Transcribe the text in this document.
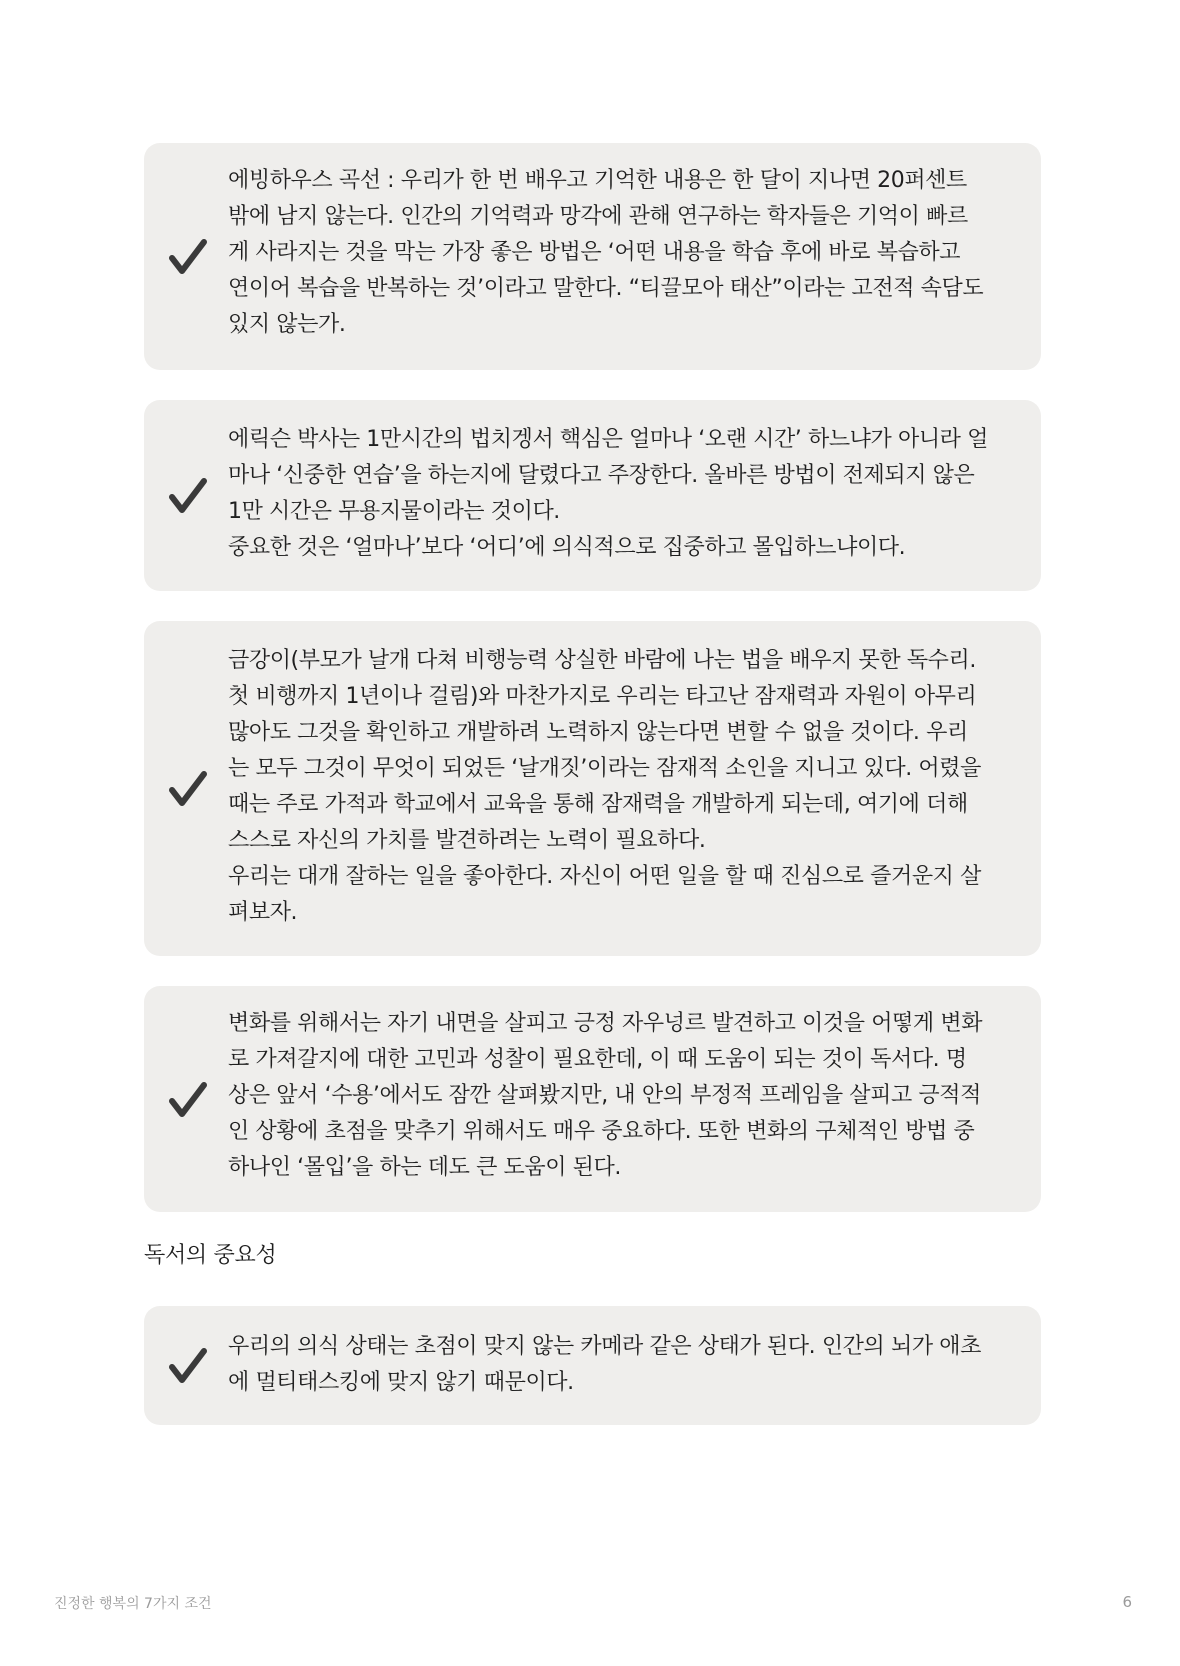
에빙하우스 곡선 : 우리가 한 번 배우고 기억한 내용은 한 달이 지나면 20퍼센트
밖에 남지 않는다. 인간의 기억력과 망각에 관해 연구하는 학자들은 기억이 빠르
게 사라지는 것을 막는 가장 좋은 방법은 ‘어떤 내용을 학습 후에 바로 복습하고
연이어 복습을 반복하는 것’이라고 말한다. “티끌모아 태산”이라는 고전적 속담도
있지 않는가.
에릭슨 박사는 1만시간의 법치겡서 핵심은 얼마나 ‘오랜 시간’ 하느냐가 아니라 얼
마나 ‘신중한 연습’을 하는지에 달렸다고 주장한다. 올바른 방법이 전제되지 않은
1만 시간은 무용지물이라는 것이다.
중요한 것은 ‘얼마나’보다 ‘어디’에 의식적으로 집중하고 몰입하느냐이다.
금강이(부모가 날개 다쳐 비행능력 상실한 바람에 나는 법을 배우지 못한 독수리.
첫 비행까지 1년이나 걸림)와 마찬가지로 우리는 타고난 잠재력과 자원이 아무리
많아도 그것을 확인하고 개발하려 노력하지 않는다면 변할 수 없을 것이다. 우리
는 모두 그것이 무엇이 되었든 ‘날개짓’이라는 잠재적 소인을 지니고 있다. 어렸을
때는 주로 가적과 학교에서 교육을 통해 잠재력을 개발하게 되는데, 여기에 더해
스스로 자신의 가치를 발견하려는 노력이 필요하다.
우리는 대개 잘하는 일을 좋아한다. 자신이 어떤 일을 할 때 진심으로 즐거운지 살
펴보자.
변화를 위해서는 자기 내면을 살피고 긍정 자우넝르 발견하고 이것을 어떻게 변화
로 가져갈지에 대한 고민과 성찰이 필요한데, 이 때 도움이 되는 것이 독서다. 명
상은 앞서 ‘수용’에서도 잠깐 살펴봤지만, 내 안의 부정적 프레임을 살피고 긍적적
인 상황에 초점을 맞추기 위해서도 매우 중요하다. 또한 변화의 구체적인 방법 중
하나인 ‘몰입’을 하는 데도 큰 도움이 된다.
독서의 중요성
우리의 의식 상태는 초점이 맞지 않는 카메라 같은 상태가 된다. 인간의 뇌가 애초
에 멀티태스킹에 맞지 않기 때문이다.
진정한 행복의 7가지 조건	6
